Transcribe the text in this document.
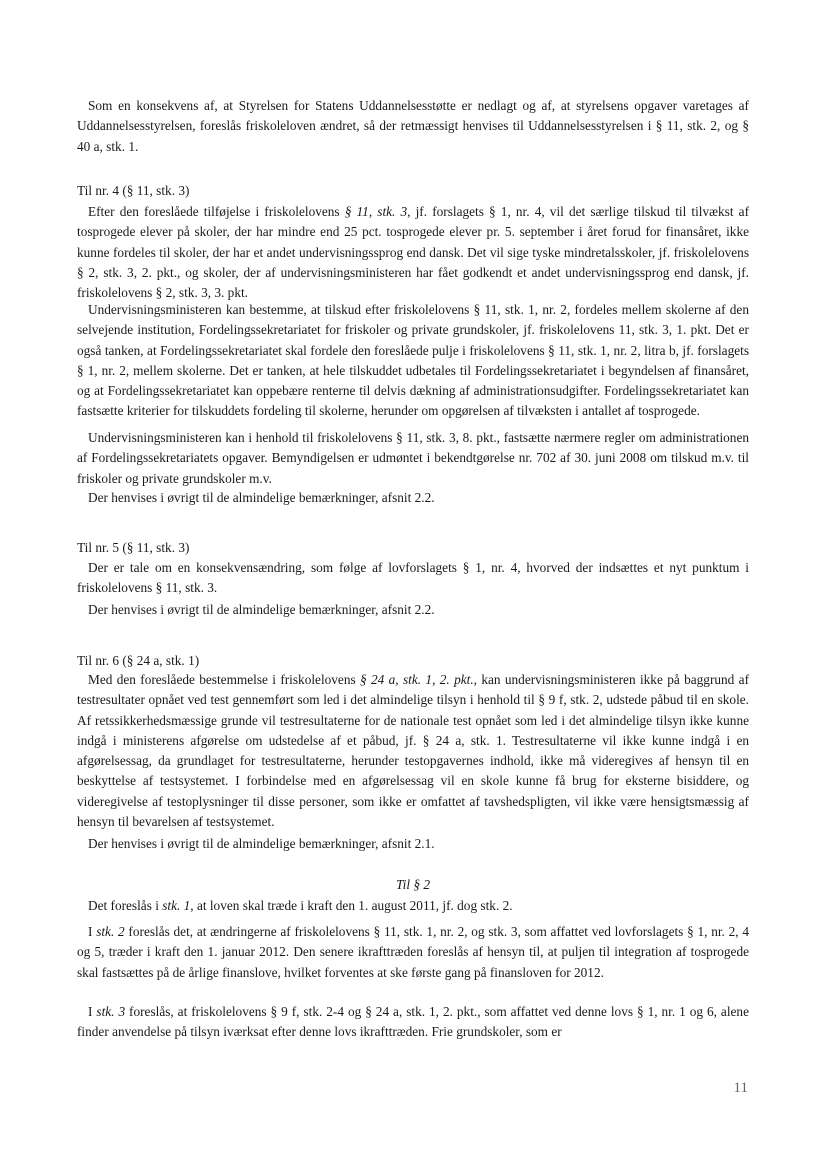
Som en konsekvens af, at Styrelsen for Statens Uddannelsesstøtte er nedlagt og af, at styrelsens opgaver varetages af Uddannelsesstyrelsen, foreslås friskoleloven ændret, så der retmæssigt henvises til Uddannelsesstyrelsen i § 11, stk. 2, og § 40 a, stk. 1.

Til nr. 4 (§ 11, stk. 3)

Efter den foreslåede tilføjelse i friskolelovens § 11, stk. 3, jf. forslagets § 1, nr. 4, vil det særlige tilskud til tilvækst af tosprogede elever på skoler, der har mindre end 25 pct. tosprogede elever pr. 5. september i året forud for finansåret, ikke kunne fordeles til skoler, der har et andet undervisningssprog end dansk. Det vil sige tyske mindretalsskoler, jf. friskolelovens § 2, stk. 3, 2. pkt., og skoler, der af undervisningsministeren har fået godkendt et andet undervisningssprog end dansk, jf. friskolelovens § 2, stk. 3, 3. pkt.

Undervisningsministeren kan bestemme, at tilskud efter friskolelovens § 11, stk. 1, nr. 2, fordeles mellem skolerne af den selvejende institution, Fordelingssekretariatet for friskoler og private grundskoler, jf. friskolelovens 11, stk. 3, 1. pkt. Det er også tanken, at Fordelingssekretariatet skal fordele den foreslåede pulje i friskolelovens § 11, stk. 1, nr. 2, litra b, jf. forslagets § 1, nr. 2, mellem skolerne. Det er tanken, at hele tilskuddet udbetales til Fordelingssekretariatet i begyndelsen af finansåret, og at Fordelingssekretariatet kan oppebære renterne til delvis dækning af administrationsudgifter. Fordelingssekretariatet kan fastsætte kriterier for tilskuddets fordeling til skolerne, herunder om opgørelsen af tilvæksten i antallet af tosprogede.

Undervisningsministeren kan i henhold til friskolelovens § 11, stk. 3, 8. pkt., fastsætte nærmere regler om administrationen af Fordelingssekretariatets opgaver. Bemyndigelsen er udmøntet i bekendtgørelse nr. 702 af 30. juni 2008 om tilskud m.v. til friskoler og private grundskoler m.v.

Der henvises i øvrigt til de almindelige bemærkninger, afsnit 2.2.

Til nr. 5 (§ 11, stk. 3)

Der er tale om en konsekvensændring, som følge af lovforslagets § 1, nr. 4, hvorved der indsættes et nyt punktum i friskolelovens § 11, stk. 3.

Der henvises i øvrigt til de almindelige bemærkninger, afsnit 2.2.

Til nr. 6 (§ 24 a, stk. 1)

Med den foreslåede bestemmelse i friskolelovens § 24 a, stk. 1, 2. pkt., kan undervisningsministeren ikke på baggrund af testresultater opnået ved test gennemført som led i det almindelige tilsyn i henhold til § 9 f, stk. 2, udstede påbud til en skole. Af retssikkerhedsmæssige grunde vil testresultaterne for de nationale test opnået som led i det almindelige tilsyn ikke kunne indgå i ministerens afgørelse om udstedelse af et påbud, jf. § 24 a, stk. 1. Testresultaterne vil ikke kunne indgå i en afgørelsessag, da grundlaget for testresultaterne, herunder testopgavernes indhold, ikke må videregives af hensyn til en beskyttelse af testsystemet. I forbindelse med en afgørelsessag vil en skole kunne få brug for eksterne bisiddere, og videregivelse af testoplysninger til disse personer, som ikke er omfattet af tavshedspligten, vil ikke være hensigtsmæssig af hensyn til bevarelsen af testsystemet.

Der henvises i øvrigt til de almindelige bemærkninger, afsnit 2.1.

Til § 2

Det foreslås i stk. 1, at loven skal træde i kraft den 1. august 2011, jf. dog stk. 2.

I stk. 2 foreslås det, at ændringerne af friskolelovens § 11, stk. 1, nr. 2, og stk. 3, som affattet ved lovforslagets § 1, nr. 2, 4 og 5, træder i kraft den 1. januar 2012. Den senere ikrafttræden foreslås af hensyn til, at puljen til integration af tosprogede skal fastsættes på de årlige finanslove, hvilket forventes at ske første gang på finansloven for 2012.

I stk. 3 foreslås, at friskolelovens § 9 f, stk. 2-4 og § 24 a, stk. 1, 2. pkt., som affattet ved denne lovs § 1, nr. 1 og 6, alene finder anvendelse på tilsyn iværksat efter denne lovs ikrafttræden. Frie grundskoler, som er

11
